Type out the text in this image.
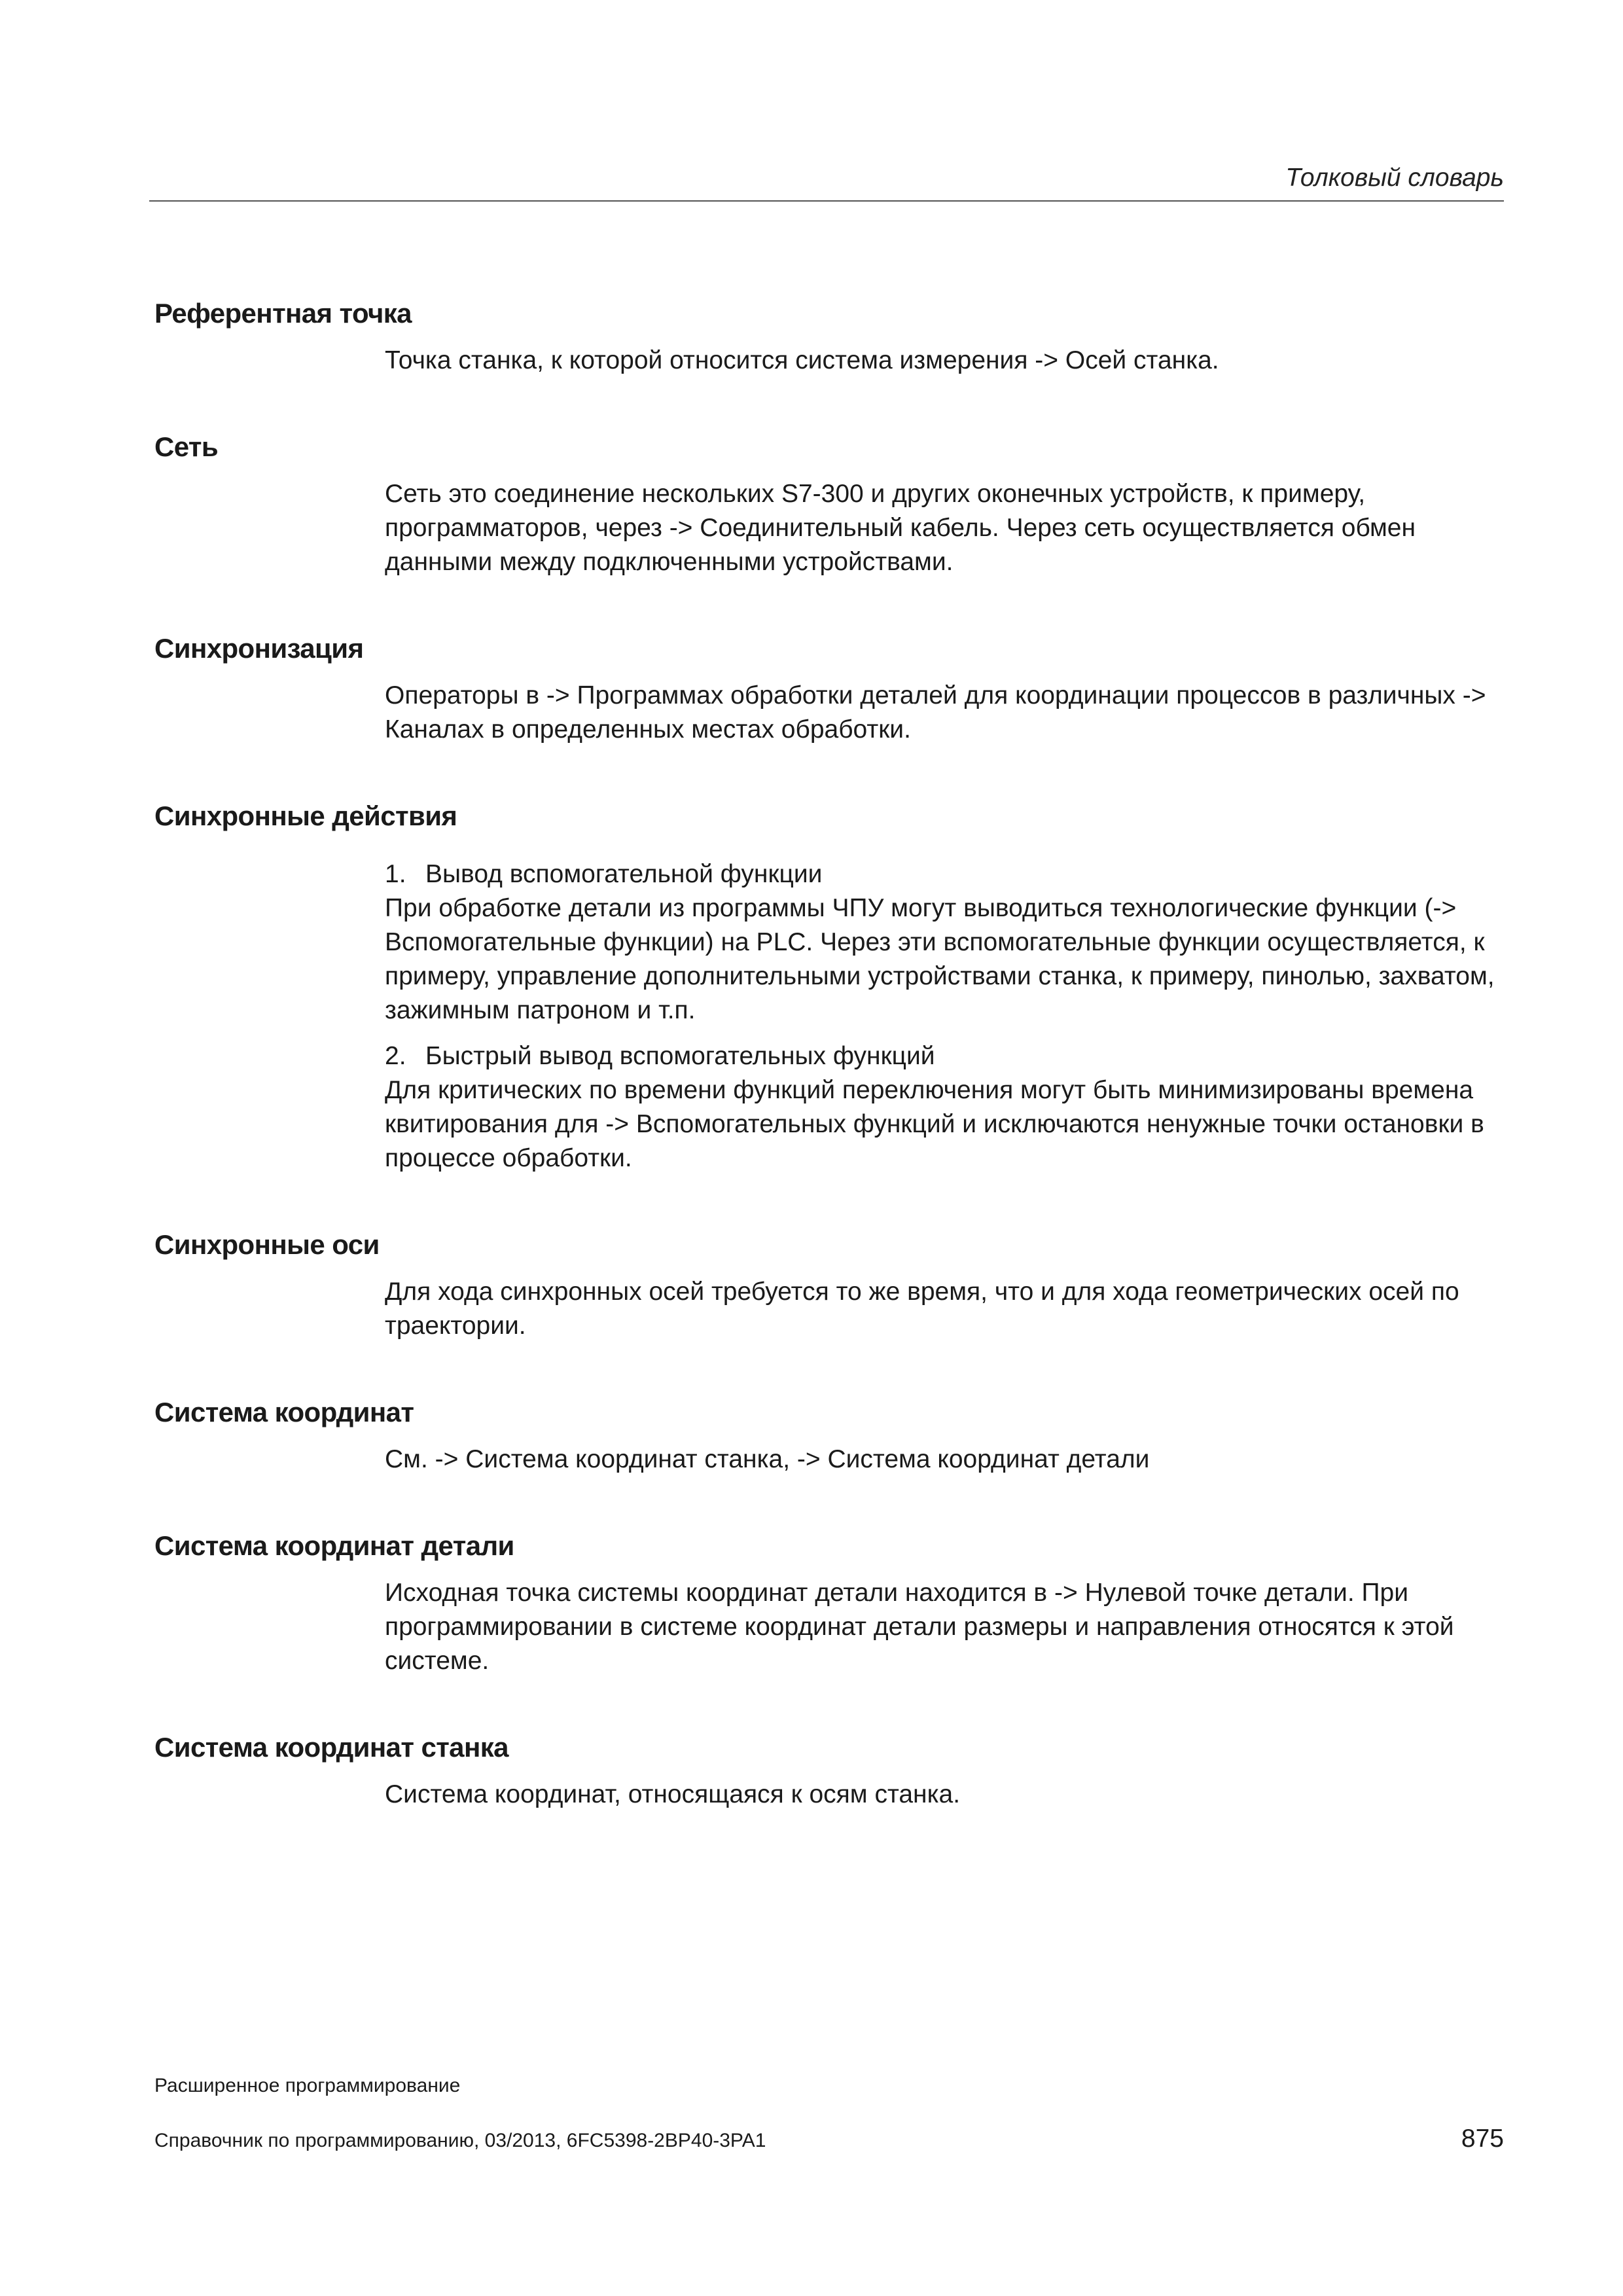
Толковый словарь
Референтная точка

Точка станка, к которой относится система измерения -> Осей станка.

Сеть

Сеть это соединение нескольких S7-300 и других оконечных устройств, к примеру, программаторов, через -> Соединительный кабель. Через сеть осуществляется обмен данными между подключенными устройствами.

Синхронизация

Операторы в -> Программах обработки деталей для координации процессов в различных -> Каналах в определенных местах обработки.

Синхронные действия
1. Вывод вспомогательной функции

При обработке детали из программы ЧПУ могут выводиться технологические функции (-> Вспомогательные функции) на PLC. Через эти вспомогательные функции осуществляется, к примеру, управление дополнительными устройствами станка, к примеру, пинолью, захватом, зажимным патроном и т.п.

2. Быстрый вывод вспомогательных функций

Для критических по времени функций переключения могут быть минимизированы времена квитирования для -> Вспомогательных функций и исключаются ненужные точки остановки в процессе обработки.

Синхронные оси

Для хода синхронных осей требуется то же время, что и для хода геометрических осей по траектории.

Система координат

См. -> Система координат станка, -> Система координат детали

Система координат детали

Исходная точка системы координат детали находится в -> Нулевой точке детали. При программировании в системе координат детали размеры и направления относятся к этой системе.

Система координат станка

Система координат, относящаяся к осям станка.

Расширенное программирование
Справочник по программированию, 03/2013, 6FC5398-2BP40-3PA1	875
